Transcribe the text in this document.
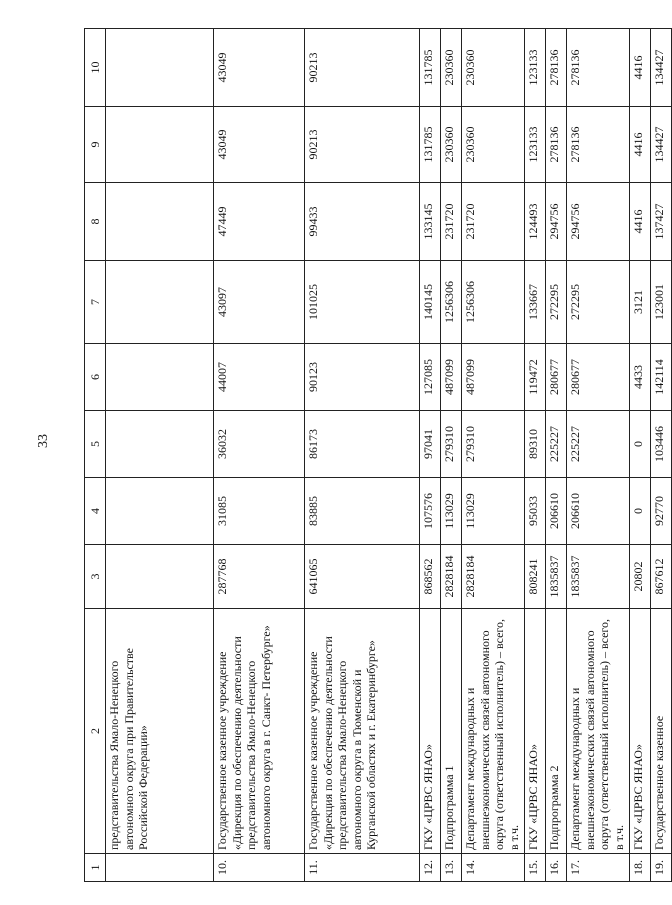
33
1	2	3	4	5	6	7	8	9	10
	представительства Ямало-Ненецкого автономного округа при Правительстве Российской Федерации»								
10.	Государственное казенное учреждение «Дирекция по обеспечению деятельности представительства Ямало-Ненецкого автономного округа в г. Санкт- Петербурге»	287768	31085	36032	44007	43097	47449	43049	43049
11.	Государственное казенное учреждение «Дирекция по обеспечению деятельности представительства Ямало-Ненецкого автономного округа в Тюменской и Курганской областях и г. Екатеринбурге»	641065	83885	86173	90123	101025	99433	90213	90213
12.	ГКУ «ЦРВС ЯНАО»	868562	107576	97041	127085	140145	133145	131785	131785
13.	Подпрограмма 1	2828184	113029	279310	487099	1256306	231720	230360	230360
14.	Департамент международных и внешнеэкономических связей автономного округа (ответственный исполнитель) – всего, в т.ч.	2828184	113029	279310	487099	1256306	231720	230360	230360
15.	ГКУ «ЦРВС ЯНАО»	808241	95033	89310	119472	133667	124493	123133	123133
16.	Подпрограмма 2	1835837	206610	225227	280677	272295	294756	278136	278136
17.	Департамент международных и внешнеэкономических связей автономного округа (ответственный исполнитель) – всего, в т.ч.	1835837	206610	225227	280677	272295	294756	278136	278136
18.	ГКУ «ЦРВС ЯНАО»	20802	0	0	4433	3121	4416	4416	4416
19.	Государственное казенное	867612	92770	103446	142114	123001	137427	134427	134427
